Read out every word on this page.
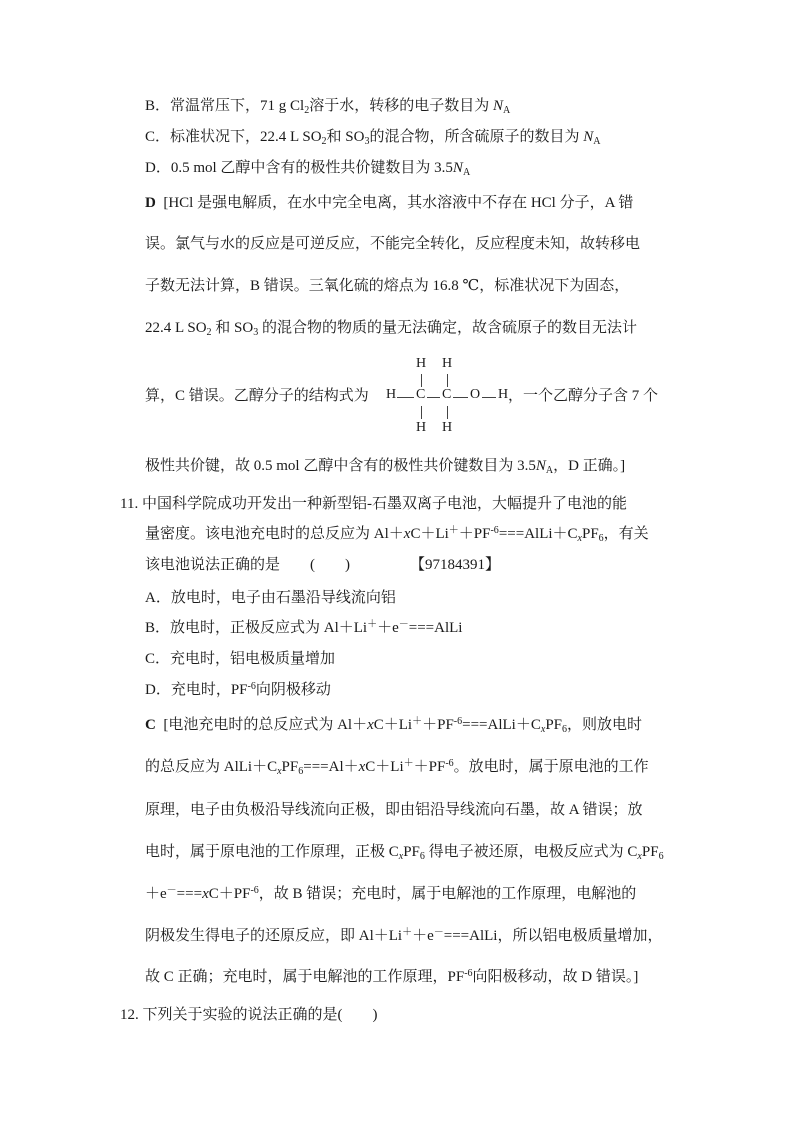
B．常温常压下，71 g $Cl_2$溶于水，转移的电子数目为 $N_A$
C．标准状况下，22.4 L $SO_2$和 $SO_3$的混合物，所含硫原子的数目为 $N_A$
D．0.5 mol 乙醇中含有的极性共价键数目为 $3.5N_A$
D [HCl 是强电解质，在水中完全电离，其水溶液中不存在 HCl 分子，A 错
误。氯气与水的反应是可逆反应，不能完全转化，反应程度未知，故转移电
子数无法计算，B 错误。三氧化硫的熔点为 16.8 ℃，标准状况下为固态，
22.4 L $SO_2$ 和 $SO_3$ 的混合物的物质的量无法确定，故含硫原子的数目无法计
算，C 错误。乙醇分子的结构式为	，一个乙醇分子含 7 个
H H
H C C O H
H H
极性共价键，故 0.5 mol 乙醇中含有的极性共价键数目为 $3.5N_A$，D 正确。]
11. 中国科学院成功开发出一种新型铝-石墨双离子电池，大幅提升了电池的能
量密度。该电池充电时的总反应为 $Al+xC+Li^++PF^{-6}===AlLi+C_xPF_6$，有关
该电池说法正确的是　　(　　)	【97184391】
A．放电时，电子由石墨沿导线流向铝
B．放电时，正极反应式为 Al＋Li＋＋e－===AlLi
C．充电时，铝电极质量增加
D．充电时，$PF^{-6}$向阴极移动
C [电池充电时的总反应式为 $Al+xC+Li^++PF^{-6}===AlLi+C_xPF_6$，则放电时
的总反应为 $AlLi+C_xPF_6===Al+xC+Li^++PF^{-6}$。放电时，属于原电池的工作
原理，电子由负极沿导线流向正极，即由铝沿导线流向石墨，故 A 错误；放
电时，属于原电池的工作原理，正极 $C_xPF_6$ 得电子被还原，电极反应式为 $C_xPF_6$
$+e^-===xC+PF^{-6}$，故 B 错误；充电时，属于电解池的工作原理，电解池的
阴极发生得电子的还原反应，即 Al＋Li＋＋e－===AlLi，所以铝电极质量增加，
故 C 正确；充电时，属于电解池的工作原理，$PF^{-6}$向阳极移动，故 D 错误。]
12. 下列关于实验的说法正确的是(　　)
